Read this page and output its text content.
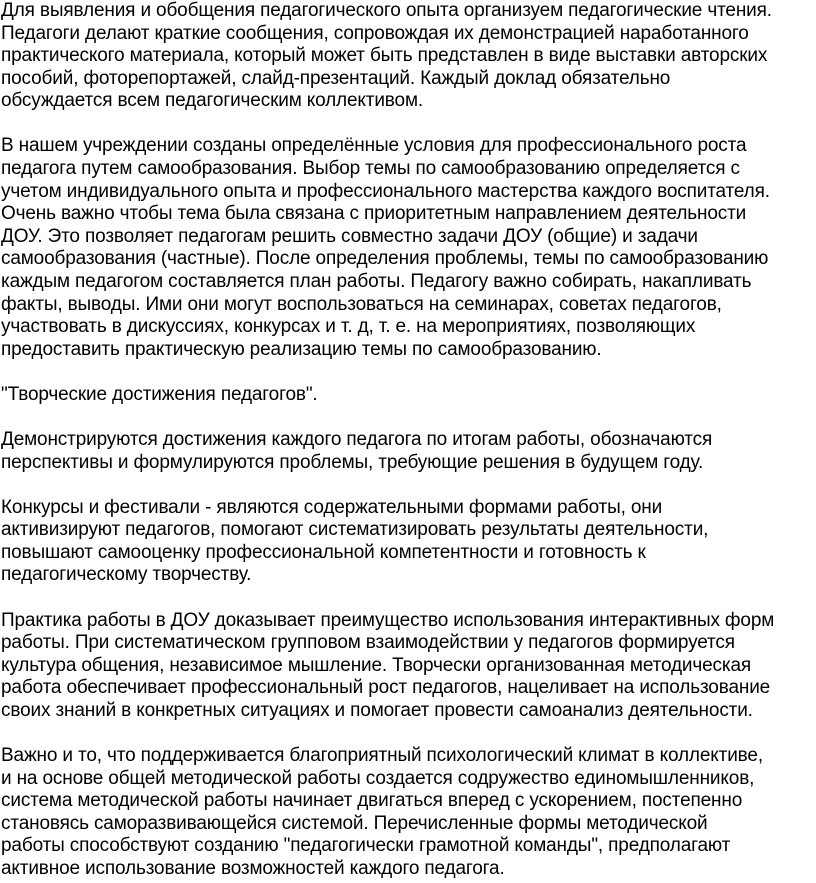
Для выявления и обобщения педагогического опыта организуем педагогические чтения.
Педагоги делают краткие сообщения, сопровождая их демонстрацией наработанного
практического материала, который может быть представлен в виде выставки авторских
пособий, фоторепортажей, слайд-презентаций. Каждый доклад обязательно
обсуждается всем педагогическим коллективом.

В нашем учреждении созданы определённые условия для профессионального роста
педагога путем самообразования. Выбор темы по самообразованию определяется с
учетом индивидуального опыта и профессионального мастерства каждого воспитателя.
Очень важно чтобы тема была связана с приоритетным направлением деятельности
ДОУ. Это позволяет педагогам решить совместно задачи ДОУ (общие) и задачи
самообразования (частные). После определения проблемы, темы по самообразованию
каждым педагогом составляется план работы. Педагогу важно собирать, накапливать
факты, выводы. Ими они могут воспользоваться на семинарах, советах педагогов,
участвовать в дискуссиях, конкурсах и т. д, т. е. на мероприятиях, позволяющих
предоставить практическую реализацию темы по самообразованию.

"Творческие достижения педагогов".

Демонстрируются достижения каждого педагога по итогам работы, обозначаются
перспективы и формулируются проблемы, требующие решения в будущем году.

Конкурсы и фестивали - являются содержательными формами работы, они
активизируют педагогов, помогают систематизировать результаты деятельности,
повышают самооценку профессиональной компетентности и готовность к
педагогическому творчеству.

Практика работы в ДОУ доказывает преимущество использования интерактивных форм
работы. При систематическом групповом взаимодействии у педагогов формируется
культура общения, независимое мышление. Творчески организованная методическая
работа обеспечивает профессиональный рост педагогов, нацеливает на использование
своих знаний в конкретных ситуациях и помогает провести самоанализ деятельности.

Важно и то, что поддерживается благоприятный психологический климат в коллективе,
и на основе общей методической работы создается содружество единомышленников,
система методической работы начинает двигаться вперед с ускорением, постепенно
становясь саморазвивающейся системой. Перечисленные формы методической
работы способствуют созданию "педагогически грамотной команды", предполагают
активное использование возможностей каждого педагога.
